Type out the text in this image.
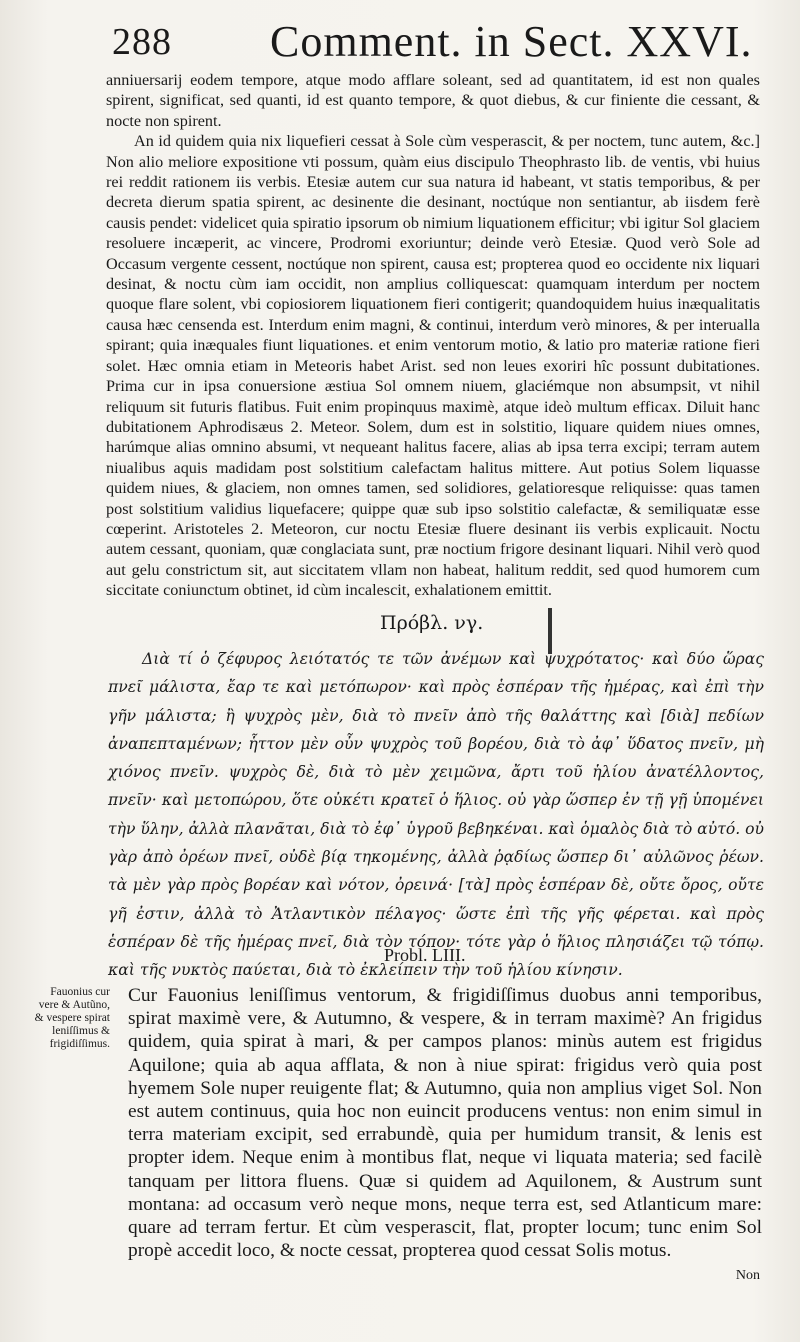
288 Comment. in Sect. XXVI.

anniuersarij eodem tempore, atque modo afflare soleant, sed ad quantitatem, id est non quales spirent, significat, sed quanti, id est quanto tempore, & quot diebus, & cur finiente die cessant, & nocte non spirent.

An id quidem quia nix liquefieri cessat à Sole cùm vesperascit, & per noctem, tunc autem, &c.] Non alio meliore expositione vti possum, quàm eius discipulo Theophrasto lib. de ventis, vbi huius rei reddit rationem iis verbis. Etesiæ autem cur sua natura id habeant, vt statis temporibus, & per decreta dierum spatia spirent, ac desinente die desinant, noctúque non sentiantur, ab iisdem ferè causis pendet: videlicet quia spiratio ipsorum ob nimium liquationem efficitur; vbi igitur Sol glaciem resoluere incæperit, ac vincere, Prodromi exoriuntur; deinde verò Etesiæ. Quod verò Sole ad Occasum vergente cessent, noctúque non spirent, causa est; propterea quod eo occidente nix liquari desinat, & noctu cùm iam occidit, non amplius colliquescat: quamquam interdum per noctem quoque flare solent, vbi copiosiorem liquationem fieri contigerit; quandoquidem huius inæqualitatis causa hæc censenda est. Interdum enim magni, & continui, interdum verò minores, & per interualla spirant; quia inæquales fiunt liquationes. et enim ventorum motio, & latio pro materiæ ratione fieri solet. Hæc omnia etiam in Meteoris habet Arist. sed non leues exoriri hîc possunt dubitationes. Prima cur in ipsa conuersione æstiua Sol omnem niuem, glaciémque non absumpsit, vt nihil reliquum sit futuris flatibus. Fuit enim propinquus maximè, atque ideò multum efficax. Diluit hanc dubitationem Aphrodisæus 2. Meteor. Solem, dum est in solstitio, liquare quidem niues omnes, harúmque alias omnino absumi, vt nequeant halitus facere, alias ab ipsa terra excipi; terram autem niualibus aquis madidam post solstitium calefactam halitus mittere. Aut potius Solem liquasse quidem niues, & glaciem, non omnes tamen, sed solidiores, gelatioresque reliquisse: quas tamen post solstitium validius liquefacere; quippe quæ sub ipso solstitio calefactæ, & semiliquatæ esse cœperint. Aristoteles 2. Meteoron, cur noctu Etesiæ fluere desinant iis verbis explicauit. Noctu autem cessant, quoniam, quæ conglaciata sunt, præ noctium frigore desinant liquari. Nihil verò quod aut gelu constrictum sit, aut siccitatem vllam non habeat, halitum reddit, sed quod humorem cum siccitate coniunctum obtinet, id cùm incalescit, exhalationem emittit.

Πρόβλ. νγ.
Διὰ τί ὁ ζέφυρος λειότατός τε τῶν ἀνέμων καὶ ψυχρότατος· καὶ δύο ὥρας πνεῖ μάλιστα, ἔαρ τε καὶ μετόπωρον· καὶ πρὸς ἑσπέραν τῆς ἡμέρας, καὶ ἐπὶ τὴν γῆν μάλιστα; ἢ ψυχρὸς μὲν, διὰ τὸ πνεῖν ἀπὸ τῆς θαλάττης καὶ [διὰ] πεδίων ἀναπεπταμένων; ἧττον μὲν οὖν ψυχρὸς τοῦ βορέου, διὰ τὸ ἀφ᾽ ὕδατος πνεῖν, μὴ χιόνος πνεῖν. ψυχρὸς δὲ, διὰ τὸ μὲν χειμῶνα, ἄρτι τοῦ ἡλίου ἀνατέλλοντος, πνεῖν· καὶ μετοπώρου, ὅτε οὐκέτι κρατεῖ ὁ ἥλιος. οὐ γὰρ ὥσπερ ἐν τῇ γῇ ὑπομένει τὴν ὕλην, ἀλλὰ πλανᾶται, διὰ τὸ ἐφ᾽ ὑγροῦ βεβηκέναι. καὶ ὁμαλὸς διὰ τὸ αὐτό. οὐ γὰρ ἀπὸ ὀρέων πνεῖ, οὐδὲ βίᾳ τηκομένης, ἀλλὰ ῥᾳδίως ὥσπερ δι᾽ αὐλῶνος ῥέων. τὰ μὲν γὰρ πρὸς βορέαν καὶ νότον, ὀρεινά· [τὰ] πρὸς ἑσπέραν δὲ, οὔτε ὄρος, οὔτε γῆ ἐστιν, ἀλλὰ τὸ Ἀτλαντικὸν πέλαγος· ὥστε ἐπὶ τῆς γῆς φέρεται. καὶ πρὸς ἑσπέραν δὲ τῆς ἡμέρας πνεῖ, διὰ τὸν τόπον· τότε γὰρ ὁ ἥλιος πλησιάζει τῷ τόπῳ. καὶ τῆς νυκτὸς παύεται, διὰ τὸ ἐκλείπειν τὴν τοῦ ἡλίου κίνησιν.
Probl. LIII.
Fauonius cur vere & Autũno, & vespere spirat leniſſimus & frigidiſſimus.

Cur Fauonius leniſſimus ventorum, & frigidiſſimus duobus anni temporibus, spirat maximè vere, & Autumno, & vespere, & in terram maximè? An frigidus quidem, quia spirat à mari, & per campos planos: minùs autem est frigidus Aquilone; quia ab aqua afflata, & non à niue spirat: frigidus verò quia post hyemem Sole nuper reuigente flat; & Autumno, quia non amplius viget Sol. Non est autem continuus, quia hoc non euincit producens ventus: non enim simul in terra materiam excipit, sed errabundè, quia per humidum transit, & lenis est propter idem. Neque enim à montibus flat, neque vi liquata materia; sed facilè tanquam per littora fluens. Quæ si quidem ad Aquilonem, & Austrum sunt montana: ad occasum verò neque mons, neque terra est, sed Atlanticum mare: quare ad terram fertur. Et cùm vesperascit, flat, propter locum; tunc enim Sol propè accedit loco, & nocte cessat, propterea quod cessat Solis motus.

Non
